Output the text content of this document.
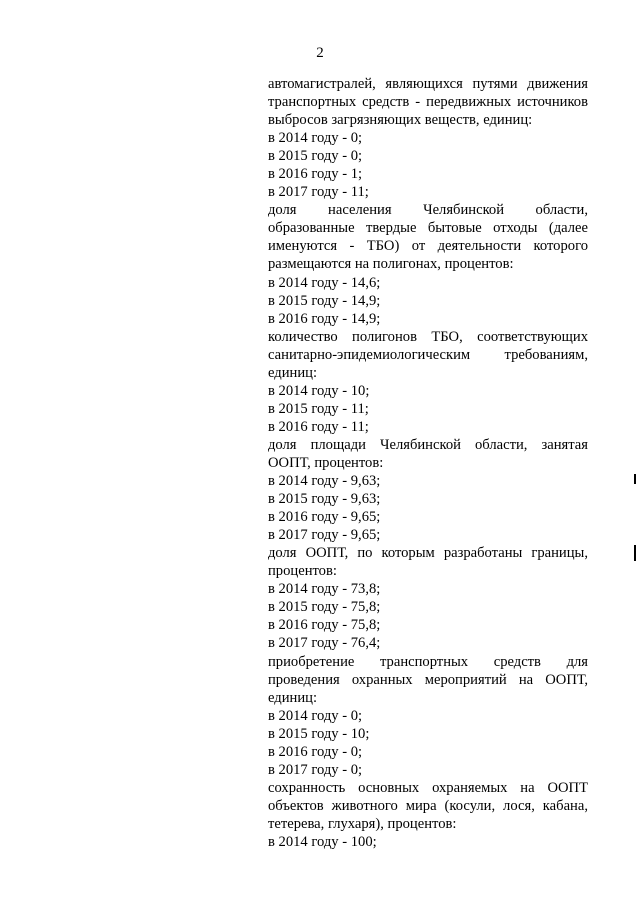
2

автомагистралей, являющихся путями движения транспортных средств - передвижных источников выбросов загрязняющих веществ, единиц:

в 2014 году - 0;

в 2015 году - 0;

в 2016 году - 1;

в 2017 году - 11;

доля населения Челябинской области, образованные твердые бытовые отходы (далее именуются - ТБО) от деятельности которого размещаются на полигонах, процентов:

в 2014 году - 14,6;

в 2015 году - 14,9;

в 2016 году - 14,9;

количество полигонов ТБО, соответствующих санитарно-эпидемиологическим требованиям, единиц:

в 2014 году - 10;

в 2015 году - 11;

в 2016 году - 11;

доля площади Челябинской области, занятая ООПТ, процентов:

в 2014 году - 9,63;

в 2015 году - 9,63;

в 2016 году - 9,65;

в 2017 году - 9,65;

доля ООПТ, по которым разработаны границы, процентов:

в 2014 году - 73,8;

в 2015 году - 75,8;

в 2016 году - 75,8;

в 2017 году - 76,4;

приобретение транспортных средств для проведения охранных мероприятий на ООПТ, единиц:

в 2014 году - 0;

в 2015 году - 10;

в 2016 году - 0;

в 2017 году - 0;

сохранность основных охраняемых на ООПТ объектов животного мира (косули, лося, кабана, тетерева, глухаря), процентов:

в 2014 году - 100;
